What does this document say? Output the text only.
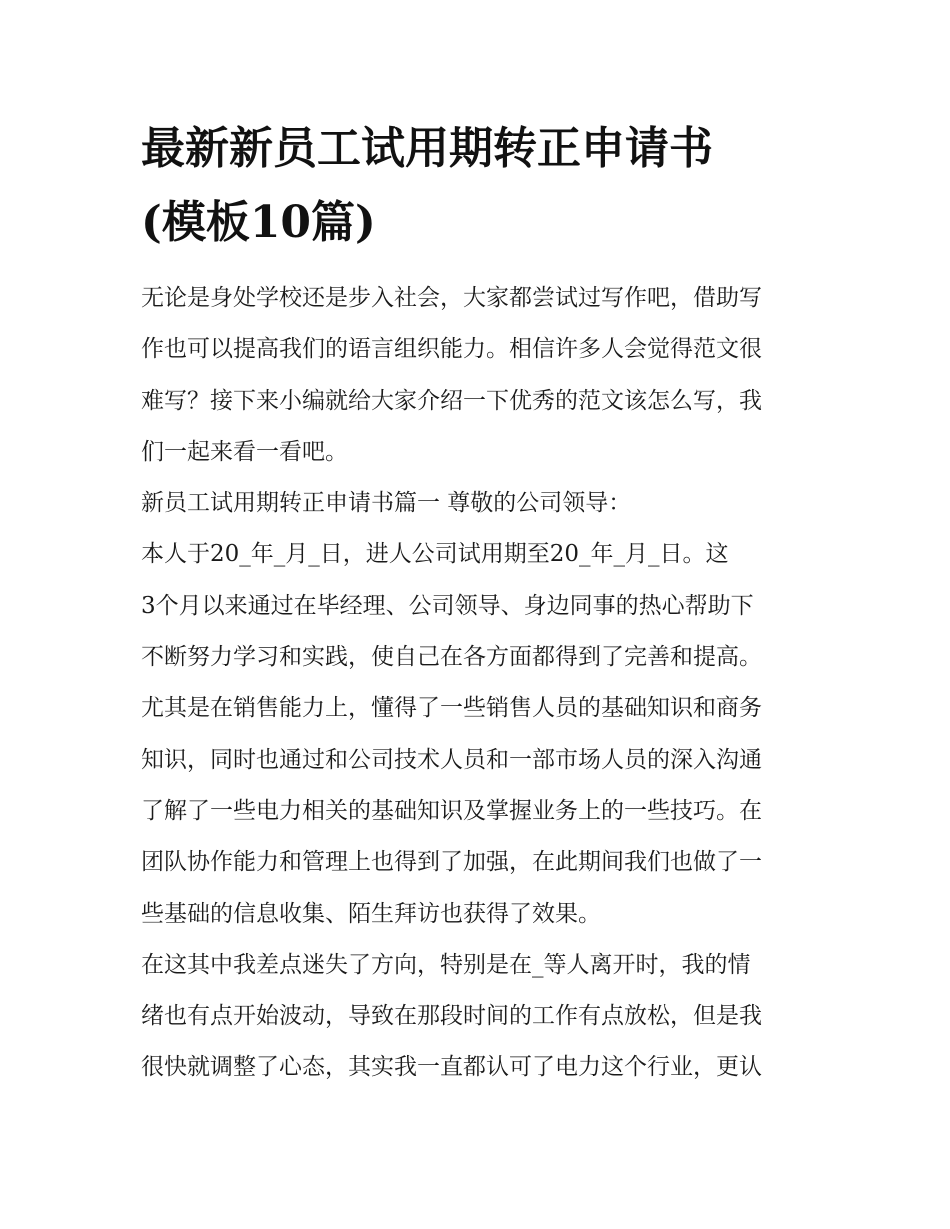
最新新员工试用期转正申请书
(模板10篇)
无论是身处学校还是步入社会，大家都尝试过写作吧，借助写
作也可以提高我们的语言组织能力。相信许多人会觉得范文很
难写？接下来小编就给大家介绍一下优秀的范文该怎么写，我
们一起来看一看吧。
新员工试用期转正申请书篇一 尊敬的公司领导：
本人于20_年_月_日，进人公司试用期至20_年_月_日。这
3个月以来通过在毕经理、公司领导、身边同事的热心帮助下
不断努力学习和实践，使自己在各方面都得到了完善和提高。
尤其是在销售能力上，懂得了一些销售人员的基础知识和商务
知识，同时也通过和公司技术人员和一部市场人员的深入沟通
了解了一些电力相关的基础知识及掌握业务上的一些技巧。在
团队协作能力和管理上也得到了加强，在此期间我们也做了一
些基础的信息收集、陌生拜访也获得了效果。
在这其中我差点迷失了方向，特别是在_等人离开时，我的情
绪也有点开始波动，导致在那段时间的工作有点放松，但是我
很快就调整了心态，其实我一直都认可了电力这个行业，更认
